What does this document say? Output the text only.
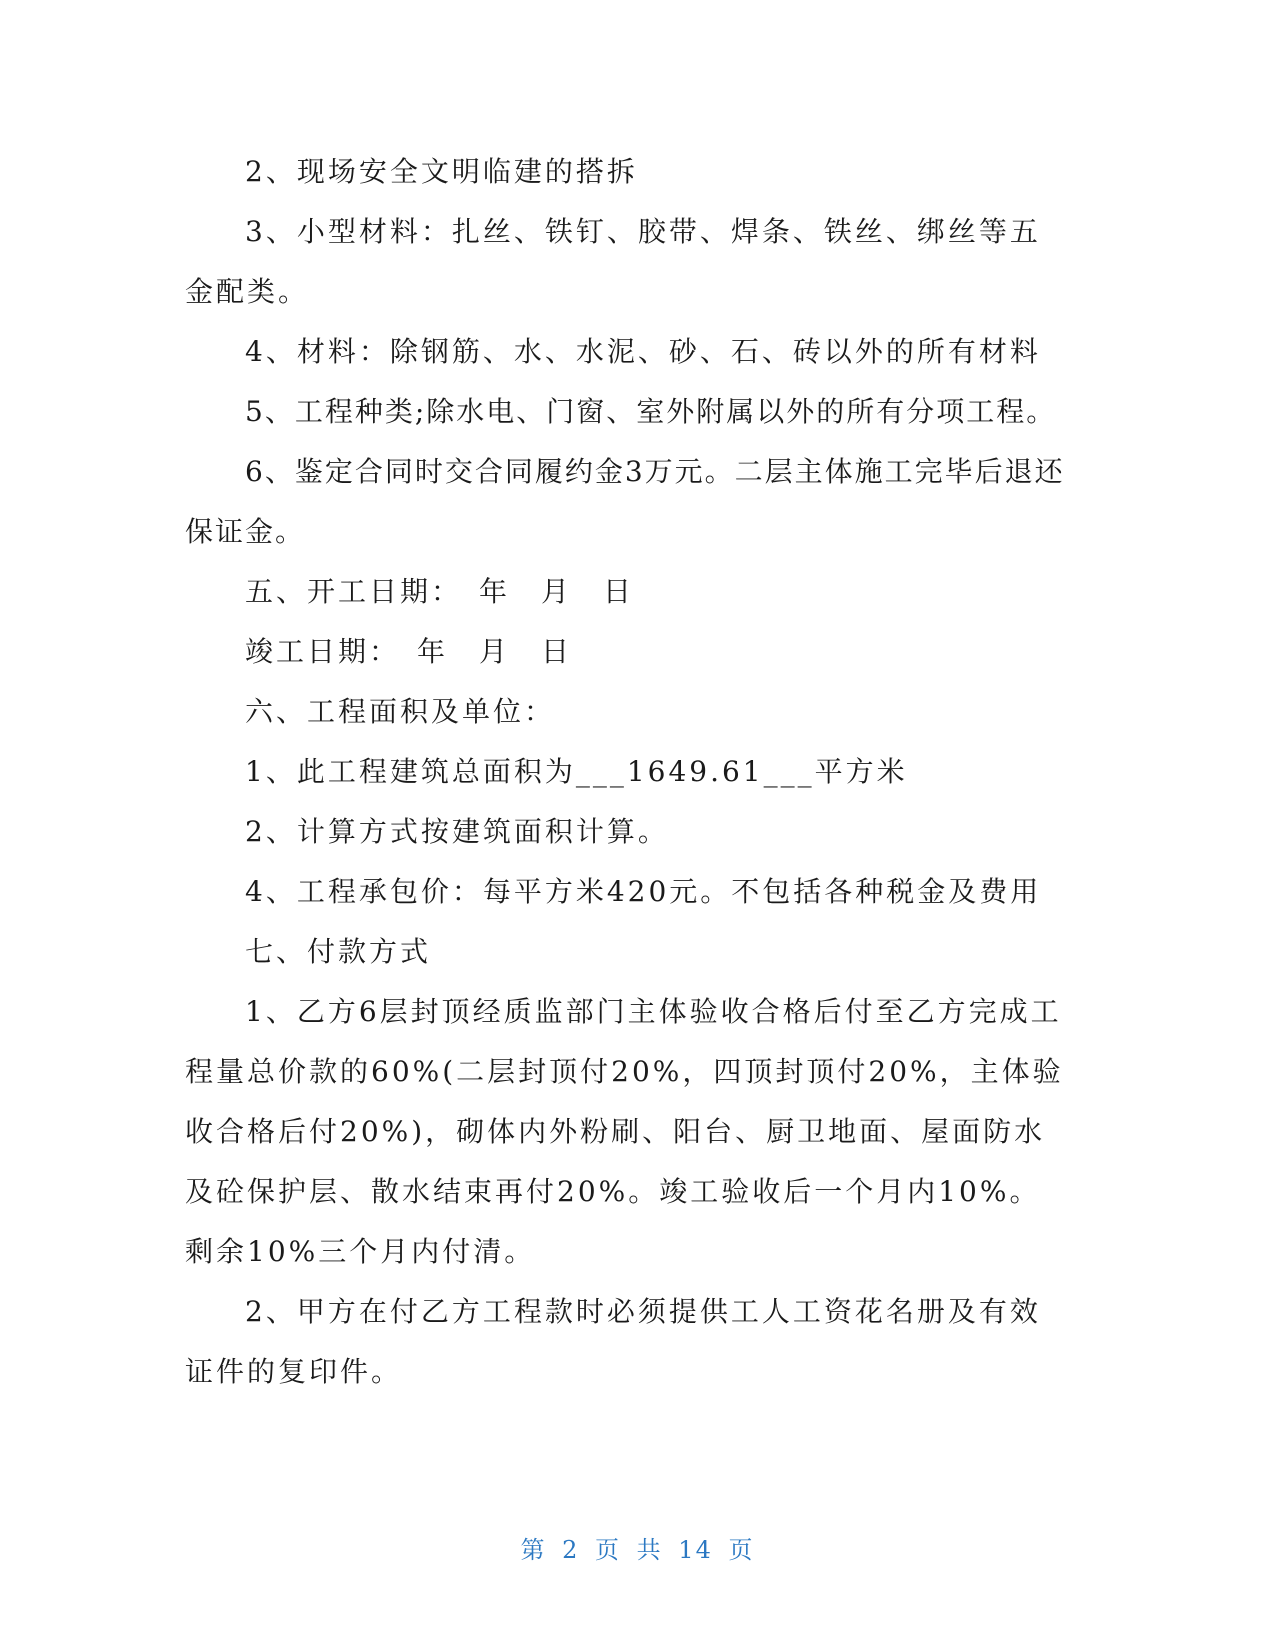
2、现场安全文明临建的搭拆

3、小型材料：扎丝、铁钉、胶带、焊条、铁丝、绑丝等五金配类。

4、材料：除钢筋、水、水泥、砂、石、砖以外的所有材料

5、工程种类;除水电、门窗、室外附属以外的所有分项工程。

6、鉴定合同时交合同履约金3万元。二层主体施工完毕后退还保证金。

五、开工日期：　年　月　日

竣工日期：　年　月　日

六、工程面积及单位：

1、此工程建筑总面积为___1649.61___平方米

2、计算方式按建筑面积计算。

4、工程承包价：每平方米420元。不包括各种税金及费用

七、付款方式

1、乙方6层封顶经质监部门主体验收合格后付至乙方完成工程量总价款的60%(二层封顶付20%，四顶封顶付20%，主体验收合格后付20%)，砌体内外粉刷、阳台、厨卫地面、屋面防水及砼保护层、散水结束再付20%。竣工验收后一个月内10%。剩余10%三个月内付清。

2、甲方在付乙方工程款时必须提供工人工资花名册及有效证件的复印件。

第 2 页 共 14 页
